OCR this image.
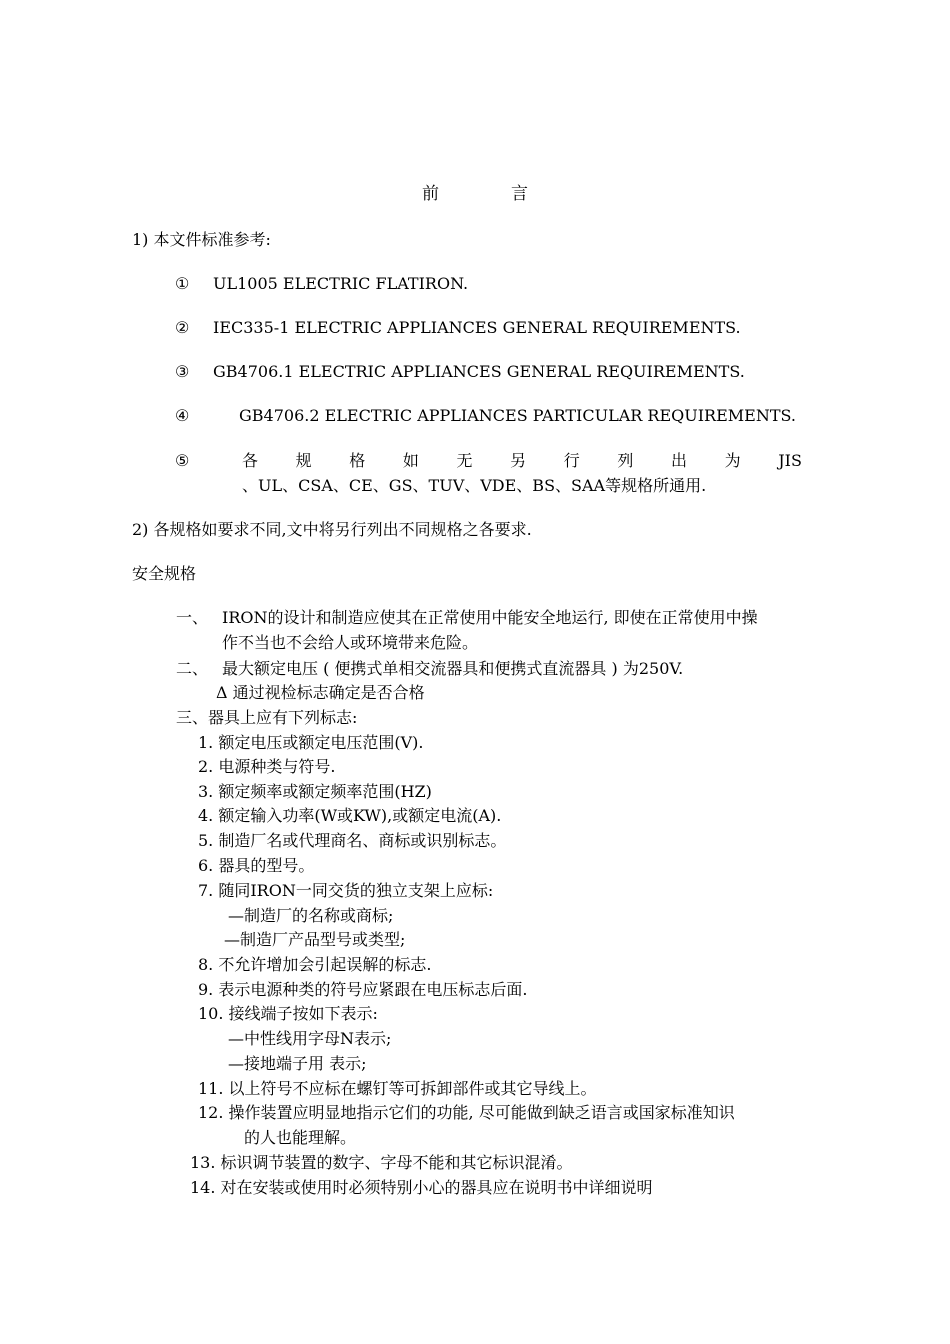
前	言
1) 本文件标准参考:
① UL1005 ELECTRIC FLATIRON.
② IEC335-1 ELECTRIC APPLIANCES GENERAL REQUIREMENTS.
③ GB4706.1 ELECTRIC APPLIANCES GENERAL REQUIREMENTS.
④	GB4706.2 ELECTRIC APPLIANCES PARTICULAR REQUIREMENTS.
⑤	各 规 格 如 无 另 行 列 出 为 JIS
、UL、CSA、CE、GS、TUV、VDE、BS、SAA等规格所通用.
2) 各规格如要求不同,文中将另行列出不同规格之各要求.
安全规格
一、 IRON的设计和制造应使其在正常使用中能安全地运行, 即使在正常使用中操
作不当也不会给人或环境带来危险。
二、 最大额定电压 ( 便携式单相交流器具和便携式直流器具 ) 为250V.
Δ 通过视检标志确定是否合格
三、器具上应有下列标志:
1. 额定电压或额定电压范围(V).
2. 电源种类与符号.
3. 额定频率或额定频率范围(HZ)
4. 额定输入功率(W或KW),或额定电流(A).
5. 制造厂名或代理商名、商标或识别标志。
6. 器具的型号。
7. 随同IRON一同交货的独立支架上应标:
—制造厂的名称或商标;
—制造厂产品型号或类型;
8. 不允许增加会引起误解的标志.
9. 表示电源种类的符号应紧跟在电压标志后面.
10. 接线端子按如下表示:
—中性线用字母N表示;
—接地端子用 表示;
11. 以上符号不应标在螺钉等可拆卸部件或其它导线上。
12. 操作装置应明显地指示它们的功能, 尽可能做到缺乏语言或国家标准知识
的人也能理解。
13. 标识调节装置的数字、字母不能和其它标识混淆。
14. 对在安装或使用时必须特别小心的器具应在说明书中详细说明
